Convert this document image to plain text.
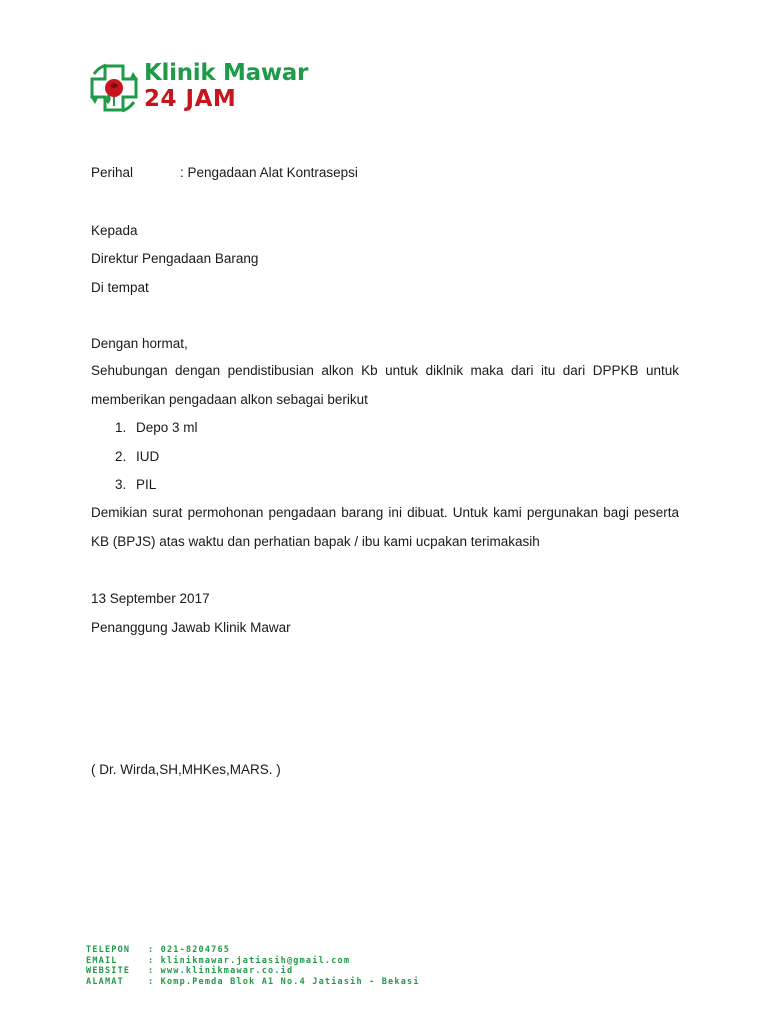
Klinik Mawar
24 JAM
Perihal	: Pengadaan Alat Kontrasepsi
Kepada
Direktur Pengadaan Barang
Di tempat
Dengan hormat,
Sehubungan dengan pendistibusian alkon Kb untuk diklnik maka dari itu dari DPPKB untuk memberikan pengadaan alkon sebagai berikut
1. Depo 3 ml
2. IUD
3. PIL
Demikian surat permohonan pengadaan barang ini dibuat. Untuk kami pergunakan bagi peserta KB (BPJS) atas waktu dan perhatian bapak / ibu kami ucpakan terimakasih
13 September 2017
Penanggung Jawab Klinik Mawar
( Dr. Wirda,SH,MHKes,MARS. )
TELEPON : 021-8204765
EMAIL	: klinikmawar.jatiasih@gmail.com
WEBSITE : www.klinikmawar.co.id
ALAMAT	: Komp.Pemda Blok A1 No.4 Jatiasih - Bekasi
